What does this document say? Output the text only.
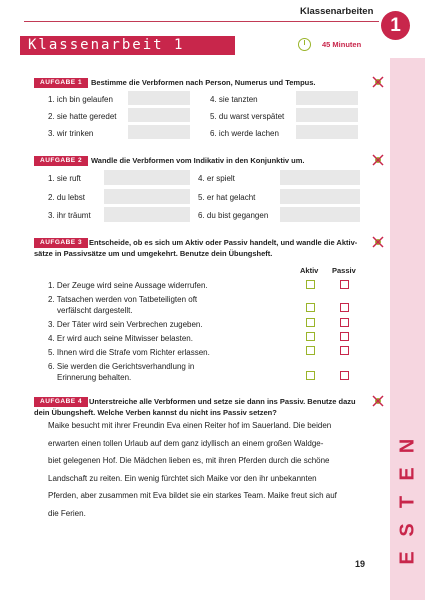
Klassenarbeiten
1
Klassenarbeit 1	45 Minuten
N
E
T
S
E
AUFGABE 1	Bestimme die Verbformen nach Person, Numerus und Tempus.
1. ich bin gelaufen
2. sie hatte geredet
3. wir trinken
4. sie tanzten
5. du warst verspätet
6. ich werde lachen
AUFGABE 2	Wandle die Verbformen vom Indikativ in den Konjunktiv um.
1. sie ruft
2. du lebst
3. ihr träumt
4. er spielt
5. er hat gelacht
6. du bist gegangen
AUFGABE 3 Entscheide, ob es sich um Aktiv oder Passiv handelt, und wandle die Aktiv-
sätze in Passivsätze um und umgekehrt. Benutze dein Übungsheft.
Aktiv Passiv
1. Der Zeuge wird seine Aussage widerrufen.
2. Tatsachen werden von Tatbeteiligten oft
verfälscht dargestellt.
3. Der Täter wird sein Verbrechen zugeben.
4. Er wird auch seine Mitwisser belasten.
5. Ihnen wird die Strafe vom Richter erlassen.
6. Sie werden die Gerichtsverhandlung in
Erinnerung behalten.
AUFGABE 4 Unterstreiche alle Verbformen und setze sie dann ins Passiv. Benutze dazu
dein Übungsheft. Welche Verben kannst du nicht ins Passiv setzen?
Maike besucht mit ihrer Freundin Eva einen Reiter hof im Sauerland. Die beiden
erwarten einen tollen Urlaub auf dem ganz idyllisch an einem großen Waldge-
biet gelegenen Hof. Die Mädchen lieben es, mit ihren Pferden durch die schöne
Landschaft zu reiten. Ein wenig fürchtet sich Maike vor den ihr unbekannten
Pferden, aber zusammen mit Eva bildet sie ein starkes Team. Maike freut sich auf
die Ferien.
19
